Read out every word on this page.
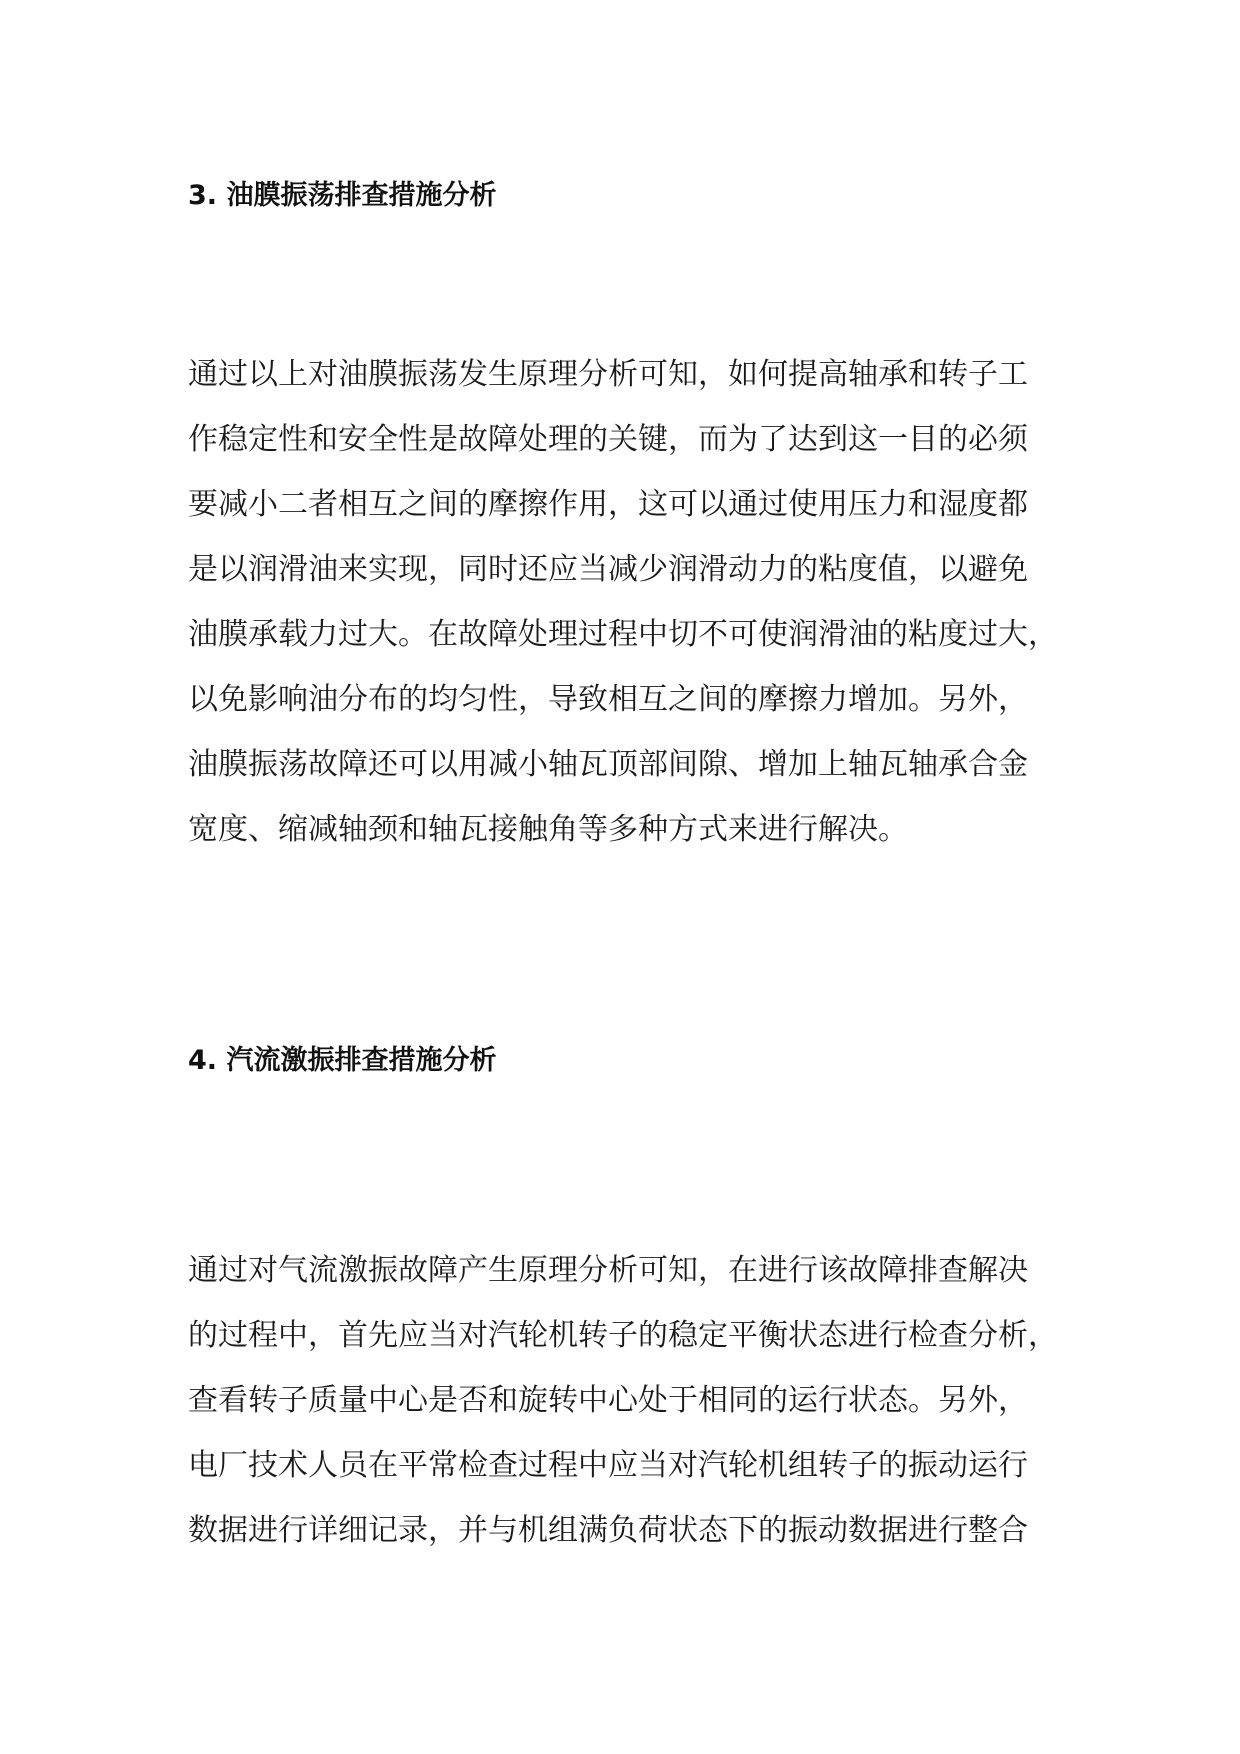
3. 油膜振荡排查措施分析
通过以上对油膜振荡发生原理分析可知，如何提高轴承和转子工
作稳定性和安全性是故障处理的关键，而为了达到这一目的必须
要减小二者相互之间的摩擦作用，这可以通过使用压力和湿度都
是以润滑油来实现，同时还应当减少润滑动力的粘度值，以避免
油膜承载力过大。在故障处理过程中切不可使润滑油的粘度过大，
以免影响油分布的均匀性，导致相互之间的摩擦力增加。另外，
油膜振荡故障还可以用减小轴瓦顶部间隙、增加上轴瓦轴承合金
宽度、缩减轴颈和轴瓦接触角等多种方式来进行解决。
4. 汽流激振排查措施分析
通过对气流激振故障产生原理分析可知，在进行该故障排查解决
的过程中，首先应当对汽轮机转子的稳定平衡状态进行检查分析，
查看转子质量中心是否和旋转中心处于相同的运行状态。另外，
电厂技术人员在平常检查过程中应当对汽轮机组转子的振动运行
数据进行详细记录，并与机组满负荷状态下的振动数据进行整合
